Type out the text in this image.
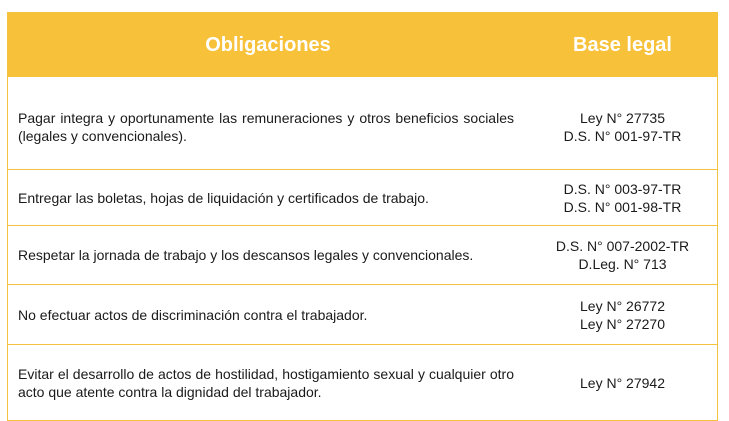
Obligaciones	Base legal
Pagar integra y oportunamente las remuneraciones y otros beneficios sociales (legales y convencionales).
Ley N° 27735
D.S. N° 001-97-TR
Entregar las boletas, hojas de liquidación y certificados de trabajo.
D.S. N° 003-97-TR
D.S. N° 001-98-TR
Respetar la jornada de trabajo y los descansos legales y convencionales.
D.S. N° 007-2002-TR
D.Leg. N° 713
No efectuar actos de discriminación contra el trabajador.
Ley N° 26772
Ley N° 27270
Evitar el desarrollo de actos de hostilidad, hostigamiento sexual y cualquier otro acto que atente contra la dignidad del trabajador.
Ley N° 27942
